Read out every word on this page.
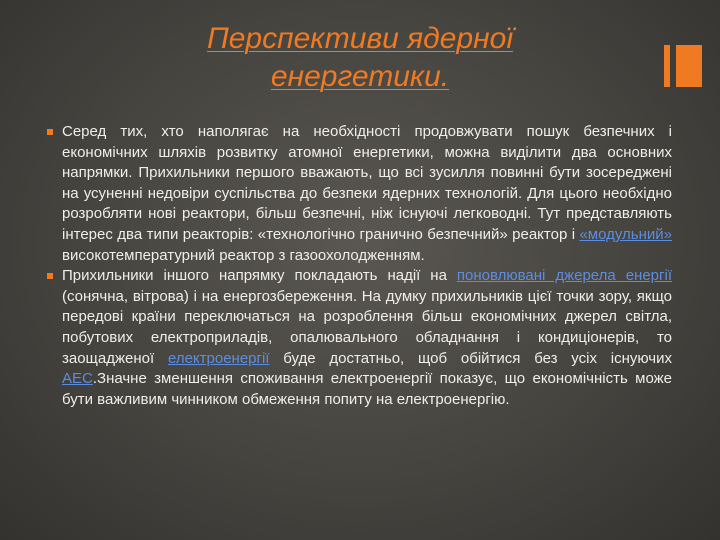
Перспективи ядерної
енергетики.
Серед тих, хто наполягає на необхідності продовжувати пошук безпечних і економічних шляхів розвитку атомної енергетики, можна виділити два основних напрямки. Прихильники першого вважають, що всі зусилля повинні бути зосереджені на усуненні недовіри суспільства до безпеки ядерних технологій. Для цього необхідно розробляти нові реактори, більш безпечні, ніж існуючі легководні. Тут представляють інтерес два типи реакторів: «технологічно гранично безпечний» реактор і «модульний» високотемпературний реактор з газоохолодженням.
Прихильники іншого напрямку покладають надії на поновлювані джерела енергії (сонячна, вітрова) і на енергозбереження. На думку прихильників цієї точки зору, якщо передові країни переключаться на розроблення більш економічних джерел світла, побутових електроприладів, опалювального обладнання і кондиціонерів, то заощадженої електроенергії буде достатньо, щоб обійтися без усіх існуючих АЕС.Значне зменшення споживання електроенергії показує, що економічність може бути важливим чинником обмеження попиту на електроенергію.
